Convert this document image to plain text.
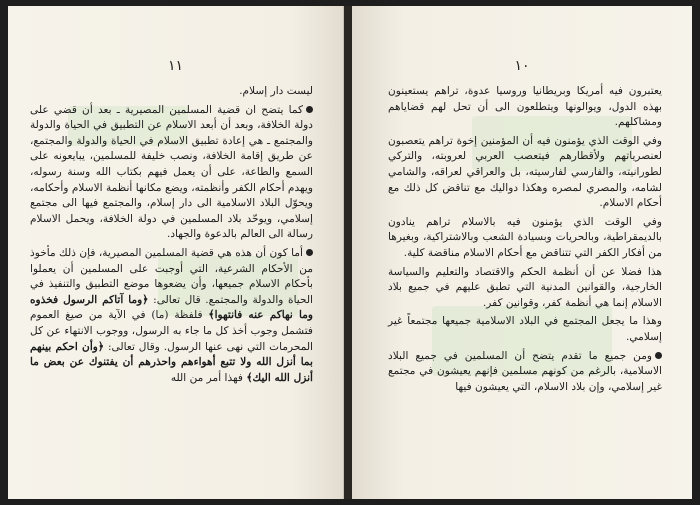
١١

ليست دار إسلام.

كما يتضح ان قضية المسلمين المصيرية ـ بعد أن قضي على دولة الخلافة، وبعد أن أبعد الاسلام عن التطبيق في الحياة والدولة والمجتمع ـ هي إعادة تطبيق الاسلام في الحياة والدولة والمجتمع، عن طريق إقامة الخلافة، ونصب خليفة للمسلمين، يبايعونه على السمع والطاعة، على أن يعمل فيهم بكتاب الله وسنة رسوله، ويهدم أحكام الكفر وأنظمته، ويضع مكانها أنظمة الاسلام وأحكامه، ويحوّل البلاد الاسلامية الى دار إسلام، والمجتمع فيها الى مجتمع إسلامي، ويوحّد بلاد المسلمين في دولة الخلافة، ويحمل الاسلام رسالة الى العالم بالدعوة والجهاد.

أما كون أن هذه هي قضية المسلمين المصيرية، فإن ذلك مأخوذ من الأحكام الشرعية، التي أوجبت على المسلمين أن يعملوا بأحكام الاسلام جميعها، وأن يضعوها موضع التطبيق والتنفيذ في الحياة والدولة والمجتمع. قال تعالى: ﴿وما آتاكم الرسول فخذوه وما نهاكم عنه فانتهوا﴾ فلفظة (ما) في الآية من صيغ العموم فتشمل وجوب أخذ كل ما جاء به الرسول، ووجوب الانتهاء عن كل المحرمات التي نهى عنها الرسول. وقال تعالى: ﴿وأن احكم بينهم بما أنزل الله ولا تتبع أهواءهم واحذرهم أن يفتنوك عن بعض ما أنزل الله اليك﴾ فهذا أمر من الله

١٠

يعتبرون فيه أمريكا وبريطانيا وروسيا عدوة، تراهم يستعينون بهذه الدول، ويوالونها ويتطلعون الى أن تحل لهم قضاياهم ومشاكلهم.

وفي الوقت الذي يؤمنون فيه أن المؤمنين إخوة تراهم يتعصبون لعنصرياتهم ولأقطارهم فيتعصب العربي لعروبته، والتركي لطورانيته، والفارسي لفارسيته، بل والعراقي لعراقه، والشامي لشامه، والمصري لمصره وهكذا دواليك مع تناقض كل ذلك مع أحكام الاسلام.

وفي الوقت الذي يؤمنون فيه بالاسلام تراهم ينادون بالديمقراطية، وبالحريات وبسيادة الشعب وبالاشتراكية، وبغيرها من أفكار الكفر التي تتناقض مع أحكام الاسلام مناقضة كلية.

هذا فضلا عن أن أنظمة الحكم والاقتصاد والتعليم والسياسة الخارجية، والقوانين المدنية التي تطبق عليهم في جميع بلاد الاسلام إنما هي أنظمة كفر، وقوانين كفر.

وهذا ما يجعل المجتمع في البلاد الاسلامية جميعها مجتمعاً غير إسلامي.

ومن جميع ما تقدم يتضح أن المسلمين في جميع البلاد الاسلامية، بالرغم من كونهم مسلمين فإنهم يعيشون في مجتمع غير إسلامي، وإن بلاد الاسلام، التي يعيشون فيها
